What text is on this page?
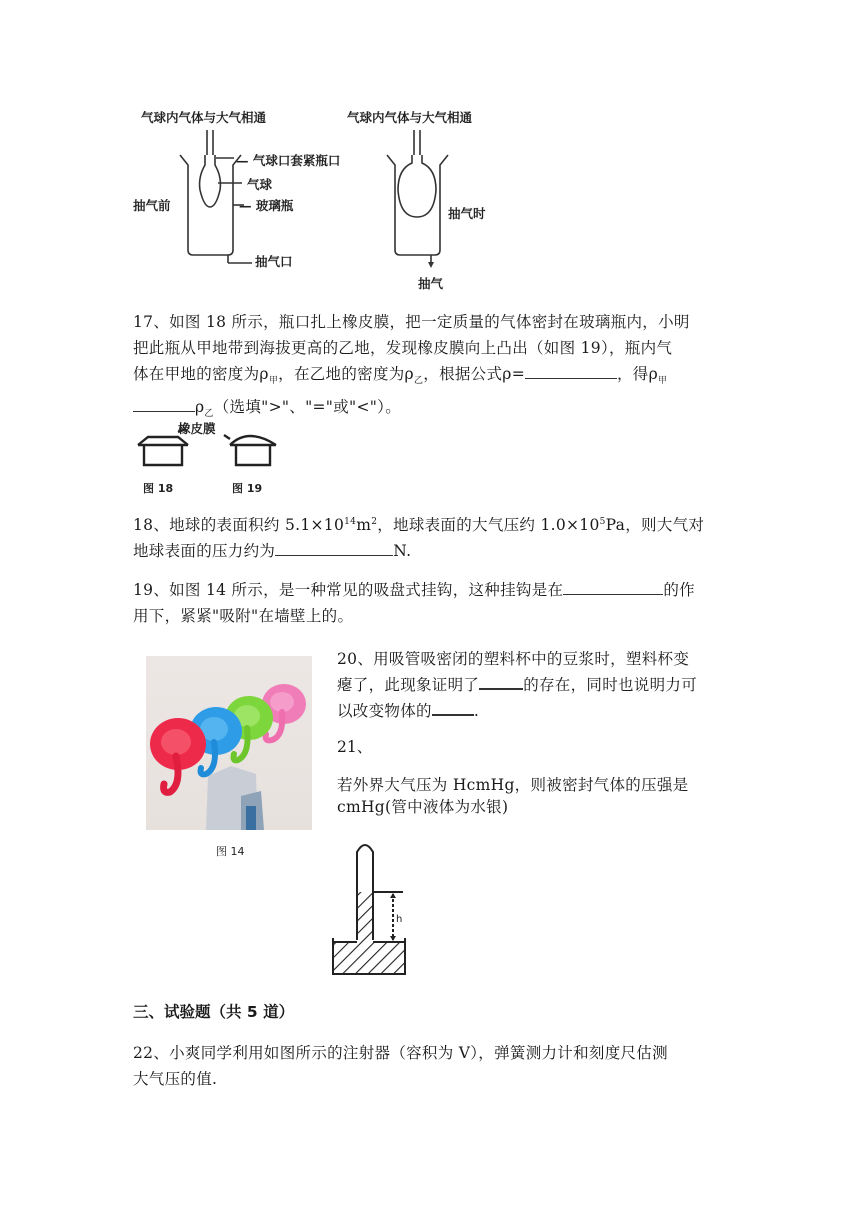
气球内气体与大气相通	气球内气体与大气相通
— 气球口套紧瓶口
气球
— 玻璃瓶
抽气前
抽气口
抽气时
抽气
17、如图 18 所示，瓶口扎上橡皮膜，把一定质量的气体密封在玻璃瓶内，小明
把此瓶从甲地带到海拔更高的乙地，发现橡皮膜向上凸出（如图 19），瓶内气
体在甲地的密度为$\rho_甲$，在乙地的密度为$\rho_乙$，根据公式ρ=	，得$\rho_甲$
$\rho_乙$（选填">"、"="或"<"）。
橡皮膜
图 18	图 19
18、地球的表面积约 $5.1\times 10^{14}m^2$，地球表面的大气压约 $1.0\times 10^5Pa$，则大气对
地球表面的压力约为	N.
19、如图 14 所示，是一种常见的吸盘式挂钩，这种挂钩是在	的作
用下，紧紧"吸附"在墙壁上的。
图 14
20、用吸管吸密闭的塑料杯中的豆浆时，塑料杯变
瘪了，此现象证明了	的存在，同时也说明力可
以改变物体的	.
21、
若外界大气压为 HcmHg，则被密封气体的压强是
cmHg(管中液体为水银)
h
三、试验题（共 5 道）
22、小爽同学利用如图所示的注射器（容积为 V），弹簧测力计和刻度尺估测
大气压的值.
